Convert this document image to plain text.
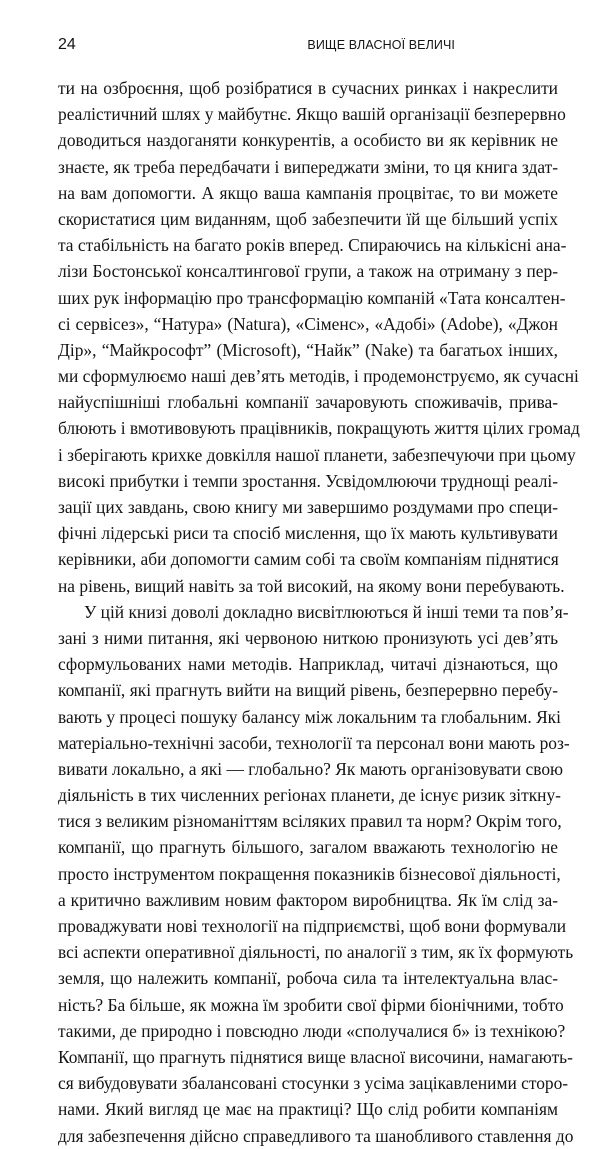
24	ВИЩЕ ВЛАСНОЇ ВЕЛИЧІ
ти на озброєння, щоб розібратися в сучасних ринках і накреслити
реалістичний шлях у майбутнє. Якщо вашій організації безперервно
доводиться наздоганяти конкурентів, а особисто ви як керівник не
знаєте, як треба передбачати і випереджати зміни, то ця книга здат-
на вам допомогти. А якщо ваша кампанія процвітає, то ви можете
скористатися цим виданням, щоб забезпечити їй ще більший успіх
та стабільність на багато років вперед. Спираючись на кількісні ана-
лізи Бостонської консалтингової групи, а також на отриману з пер-
ших рук інформацію про трансформацію компаній «Тата консалтен-
сі сервісез», “Натура» (Natura), «Сіменс», «Адобі» (Adobe), «Джон
Дір», “Майкрософт” (Microsoft), “Найк” (Nake) та багатьох інших,
ми сформулюємо наші дев’ять методів, і продемонструємо, як сучасні
найуспішніші глобальні компанії зачаровують споживачів, прива-
блюють і вмотивовують працівників, покращують життя цілих громад
і зберігають крихке довкілля нашої планети, забезпечуючи при цьому
високі прибутки і темпи зростання. Усвідомлюючи труднощі реалі-
зації цих завдань, свою книгу ми завершимо роздумами про специ-
фічні лідерські риси та спосіб мислення, що їх мають культивувати
керівники, аби допомогти самим собі та своїм компаніям піднятися
на рівень, вищий навіть за той високий, на якому вони перебувають.
У цій книзі доволі докладно висвітлюються й інші теми та пов’я-
зані з ними питання, які червоною ниткою пронизують усі дев’ять
сформульованих нами методів. Наприклад, читачі дізнаються, що
компанії, які прагнуть вийти на вищий рівень, безперервно перебу-
вають у процесі пошуку балансу між локальним та глобальним. Які
матеріально-технічні засоби, технології та персонал вони мають роз-
вивати локально, а які — глобально? Як мають організовувати свою
діяльність в тих численних регіонах планети, де існує ризик зіткну-
тися з великим різноманіттям всіляких правил та норм? Окрім того,
компанії, що прагнуть більшого, загалом вважають технологію не
просто інструментом покращення показників бізнесової діяльності,
а критично важливим новим фактором виробництва. Як їм слід за-
проваджувати нові технології на підприємстві, щоб вони формували
всі аспекти оперативної діяльності, по аналогії з тим, як їх формують
земля, що належить компанії, робоча сила та інтелектуальна влас-
ність? Ба більше, як можна їм зробити свої фірми біонічними, тобто
такими, де природно і повсюдно люди «сполучалися б» із технікою?
Компанії, що прагнуть піднятися вище власної височини, намагають-
ся вибудовувати збалансовані стосунки з усіма зацікавленими сторо-
нами. Який вигляд це має на практиці? Що слід робити компаніям
для забезпечення дійсно справедливого та шанобливого ставлення до
